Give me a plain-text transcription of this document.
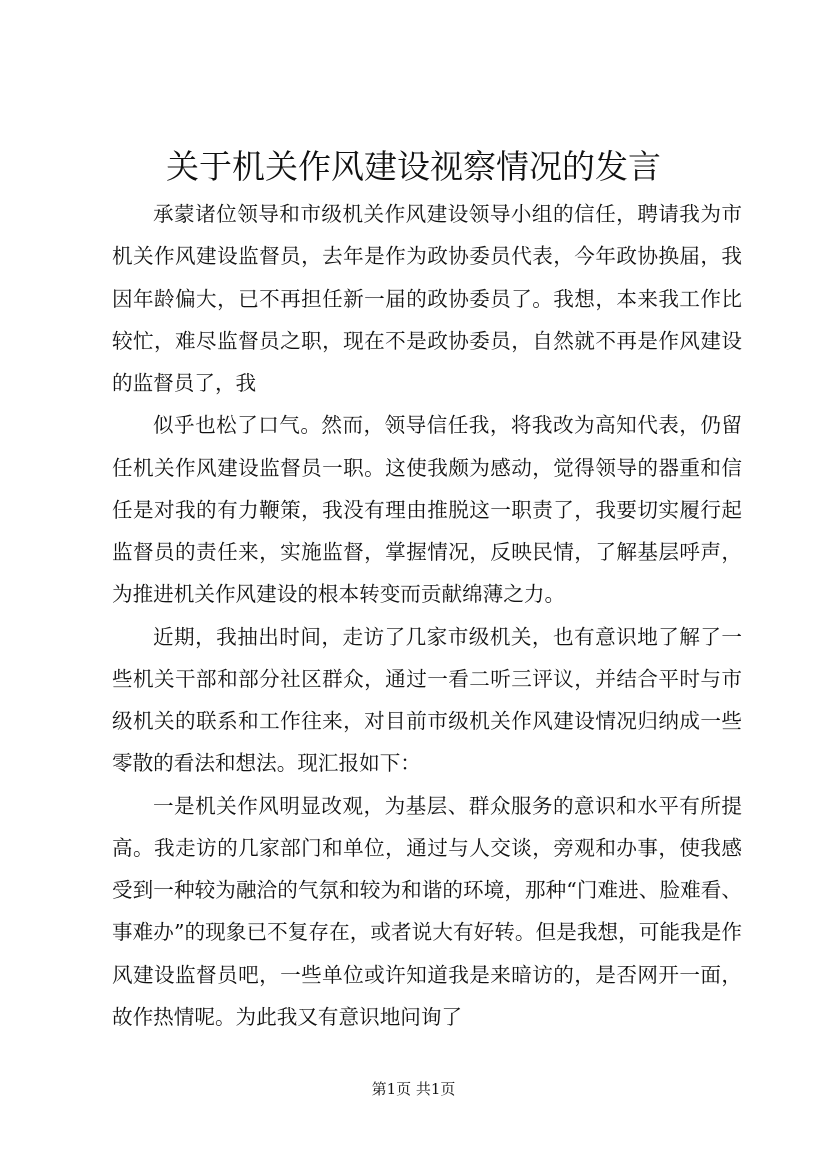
关于机关作风建设视察情况的发言

承蒙诸位领导和市级机关作风建设领导小组的信任，聘请我为市机关作风建设监督员，去年是作为政协委员代表，今年政协换届，我因年龄偏大，已不再担任新一届的政协委员了。我想，本来我工作比较忙，难尽监督员之职，现在不是政协委员，自然就不再是作风建设的监督员了，我

似乎也松了口气。然而，领导信任我，将我改为高知代表，仍留任机关作风建设监督员一职。这使我颇为感动，觉得领导的器重和信任是对我的有力鞭策，我没有理由推脱这一职责了，我要切实履行起监督员的责任来，实施监督，掌握情况，反映民情，了解基层呼声，为推进机关作风建设的根本转变而贡献绵薄之力。

近期，我抽出时间，走访了几家市级机关，也有意识地了解了一些机关干部和部分社区群众，通过一看二听三评议，并结合平时与市级机关的联系和工作往来，对目前市级机关作风建设情况归纳成一些零散的看法和想法。现汇报如下：

一是机关作风明显改观，为基层、群众服务的意识和水平有所提高。我走访的几家部门和单位，通过与人交谈，旁观和办事，使我感受到一种较为融洽的气氛和较为和谐的环境，那种“门难进、脸难看、事难办”的现象已不复存在，或者说大有好转。但是我想，可能我是作风建设监督员吧，一些单位或许知道我是来暗访的，是否网开一面，故作热情呢。为此我又有意识地问询了

第1页 共1页
